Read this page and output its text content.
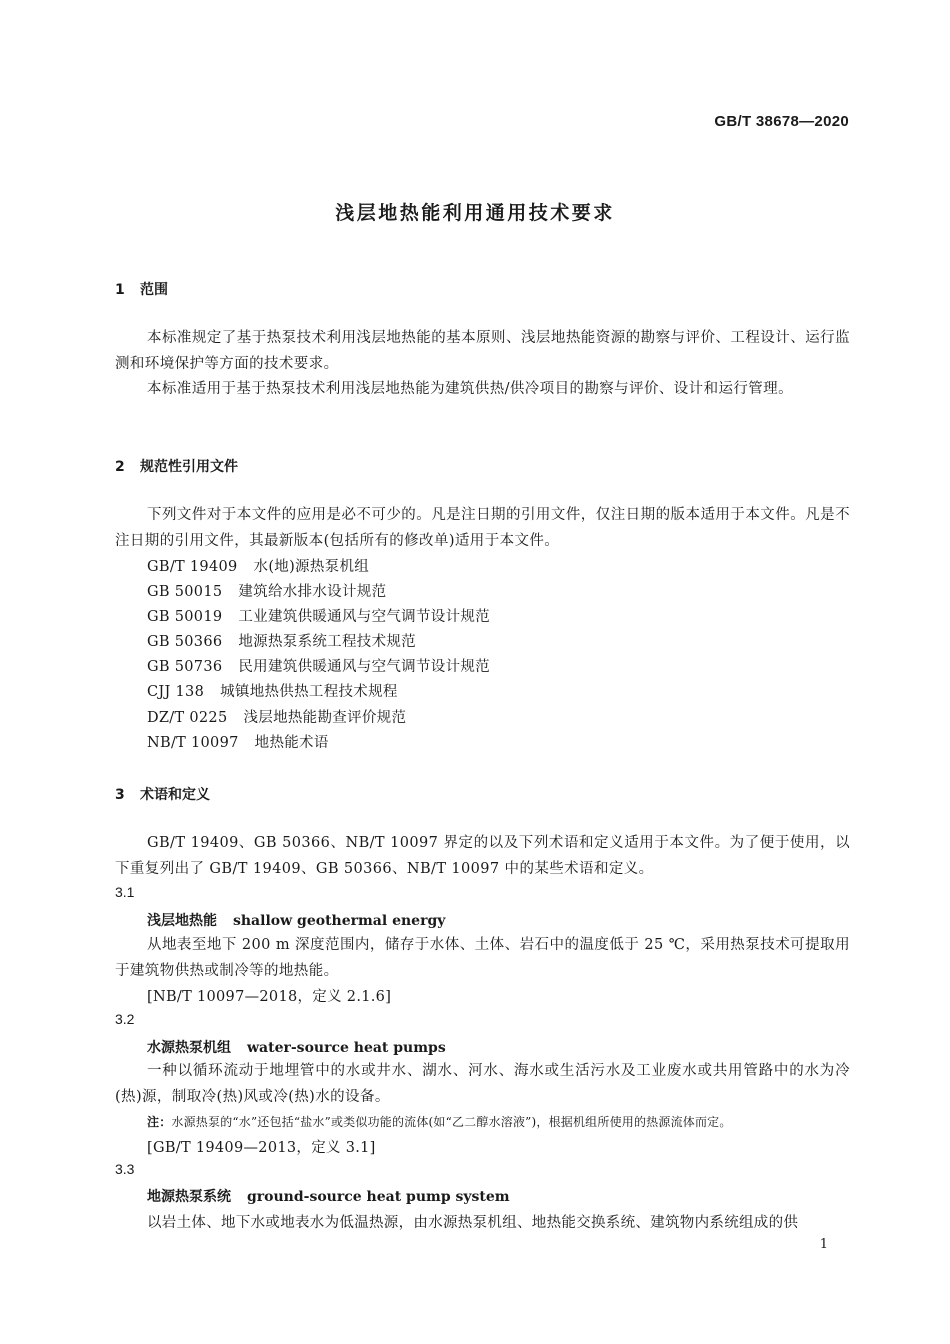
GB/T 38678—2020
浅层地热能利用通用技术要求
1 范围
本标准规定了基于热泵技术利用浅层地热能的基本原则、浅层地热能资源的勘察与评价、工程设计、运行监测和环境保护等方面的技术要求。
本标准适用于基于热泵技术利用浅层地热能为建筑供热/供冷项目的勘察与评价、设计和运行管理。
2 规范性引用文件
下列文件对于本文件的应用是必不可少的。凡是注日期的引用文件，仅注日期的版本适用于本文件。凡是不注日期的引用文件，其最新版本(包括所有的修改单)适用于本文件。
GB/T 19409 水(地)源热泵机组
GB 50015 建筑给水排水设计规范
GB 50019 工业建筑供暖通风与空气调节设计规范
GB 50366 地源热泵系统工程技术规范
GB 50736 民用建筑供暖通风与空气调节设计规范
CJJ 138 城镇地热供热工程技术规程
DZ/T 0225 浅层地热能勘查评价规范
NB/T 10097 地热能术语
3 术语和定义
GB/T 19409、GB 50366、NB/T 10097 界定的以及下列术语和定义适用于本文件。为了便于使用，以下重复列出了 GB/T 19409、GB 50366、NB/T 10097 中的某些术语和定义。
3.1
浅层地热能 shallow geothermal energy
从地表至地下 200 m 深度范围内，储存于水体、土体、岩石中的温度低于 25 ℃，采用热泵技术可提取用于建筑物供热或制冷等的地热能。
[NB/T 10097—2018，定义 2.1.6]
3.2
水源热泵机组 water-source heat pumps
一种以循环流动于地埋管中的水或井水、湖水、河水、海水或生活污水及工业废水或共用管路中的水为冷(热)源，制取冷(热)风或冷(热)水的设备。
注：水源热泵的“水”还包括“盐水”或类似功能的流体(如“乙二醇水溶液”)，根据机组所使用的热源流体而定。
[GB/T 19409—2013，定义 3.1]
3.3
地源热泵系统 ground-source heat pump system
以岩土体、地下水或地表水为低温热源，由水源热泵机组、地热能交换系统、建筑物内系统组成的供
1
